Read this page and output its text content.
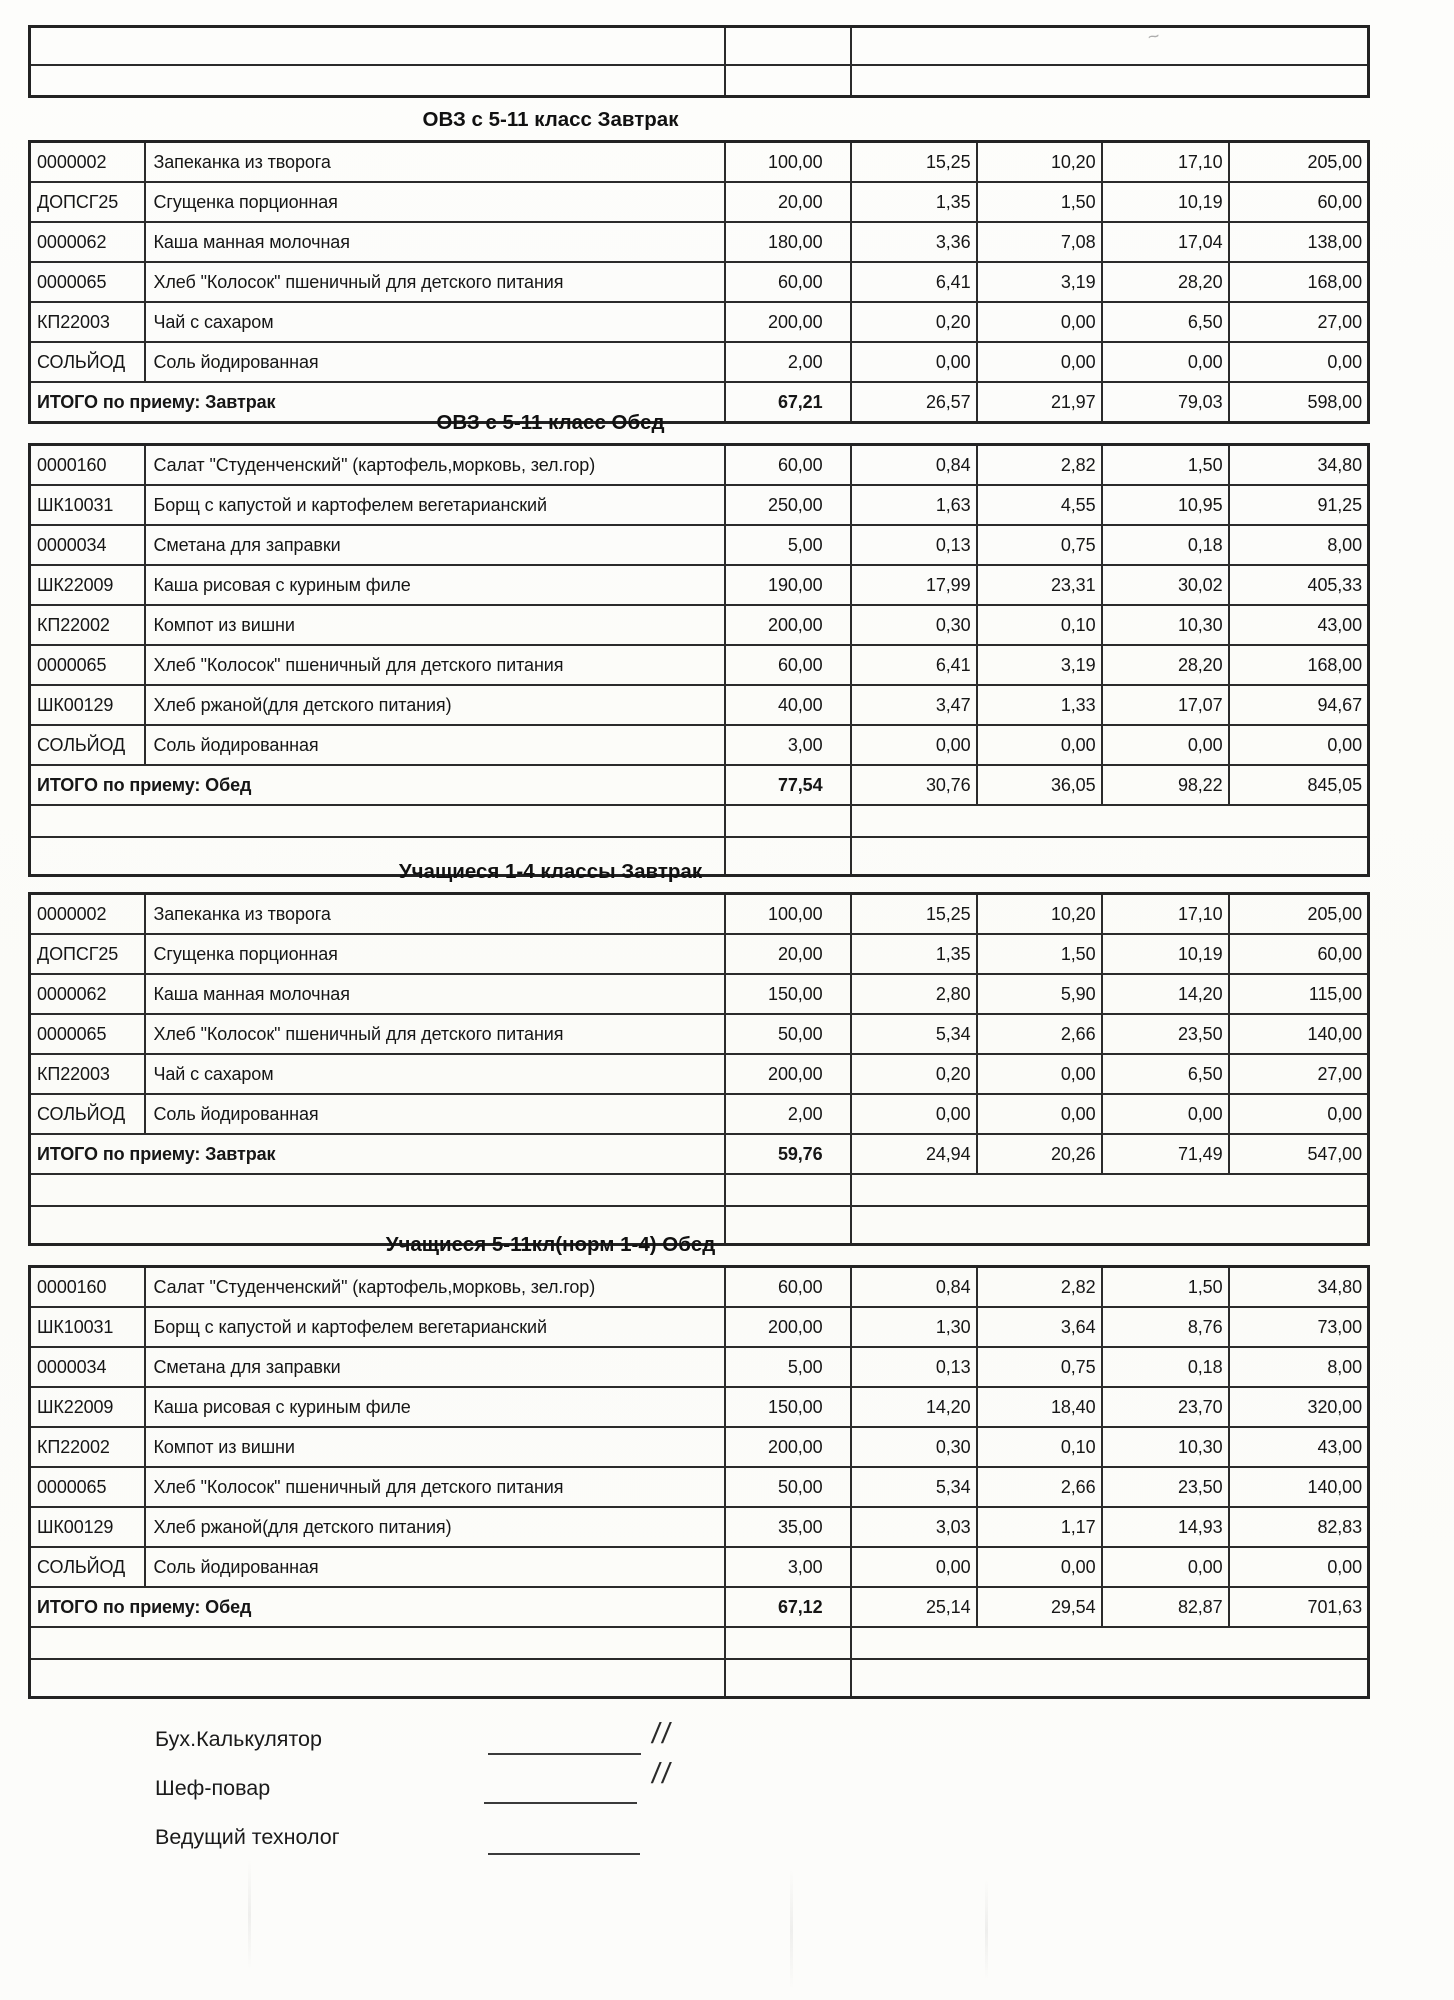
ОВЗ с 5-11 класс Завтрак
0000002	Запеканка из творога	100,00	15,25	10,20	17,10	205,00
ДОПСГ25	Сгущенка порционная	20,00	1,35	1,50	10,19	60,00
0000062	Каша манная молочная	180,00	3,36	7,08	17,04	138,00
0000065	Хлеб "Колосок" пшеничный для детского питания	60,00	6,41	3,19	28,20	168,00
КП22003	Чай с сахаром	200,00	0,20	0,00	6,50	27,00
СОЛЬЙОД	Соль йодированная	2,00	0,00	0,00	0,00	0,00
ИТОГО по приему: Завтрак		67,21	26,57	21,97	79,03	598,00
ОВЗ с 5-11 класс Обед
0000160	Салат "Студенченский" (картофель,морковь, зел.гор)	60,00	0,84	2,82	1,50	34,80
ШК10031	Борщ с капустой и картофелем вегетарианский	250,00	1,63	4,55	10,95	91,25
0000034	Сметана для заправки	5,00	0,13	0,75	0,18	8,00
ШК22009	Каша рисовая с куриным филе	190,00	17,99	23,31	30,02	405,33
КП22002	Компот из вишни	200,00	0,30	0,10	10,30	43,00
0000065	Хлеб "Колосок" пшеничный для детского питания	60,00	6,41	3,19	28,20	168,00
ШК00129	Хлеб ржаной(для детского питания)	40,00	3,47	1,33	17,07	94,67
СОЛЬЙОД	Соль йодированная	3,00	0,00	0,00	0,00	0,00
ИТОГО по приему: Обед		77,54	30,76	36,05	98,22	845,05

Учащиеся 1-4 классы Завтрак
0000002	Запеканка из творога	100,00	15,25	10,20	17,10	205,00
ДОПСГ25	Сгущенка порционная	20,00	1,35	1,50	10,19	60,00
0000062	Каша манная молочная	150,00	2,80	5,90	14,20	115,00
0000065	Хлеб "Колосок" пшеничный для детского питания	50,00	5,34	2,66	23,50	140,00
КП22003	Чай с сахаром	200,00	0,20	0,00	6,50	27,00
СОЛЬЙОД	Соль йодированная	2,00	0,00	0,00	0,00	0,00
ИТОГО по приему: Завтрак		59,76	24,94	20,26	71,49	547,00

Учащиеся 5-11кл(норм 1-4) Обед
0000160	Салат "Студенченский" (картофель,морковь, зел.гор)	60,00	0,84	2,82	1,50	34,80
ШК10031	Борщ с капустой и картофелем вегетарианский	200,00	1,30	3,64	8,76	73,00
0000034	Сметана для заправки	5,00	0,13	0,75	0,18	8,00
ШК22009	Каша рисовая с куриным филе	150,00	14,20	18,40	23,70	320,00
КП22002	Компот из вишни	200,00	0,30	0,10	10,30	43,00
0000065	Хлеб "Колосок" пшеничный для детского питания	50,00	5,34	2,66	23,50	140,00
ШК00129	Хлеб ржаной(для детского питания)	35,00	3,03	1,17	14,93	82,83
СОЛЬЙОД	Соль йодированная	3,00	0,00	0,00	0,00	0,00
ИТОГО по приему: Обед		67,12	25,14	29,54	82,87	701,63

Бух.Калькулятор	//
Шеф-повар	//
Ведущий технолог
~
